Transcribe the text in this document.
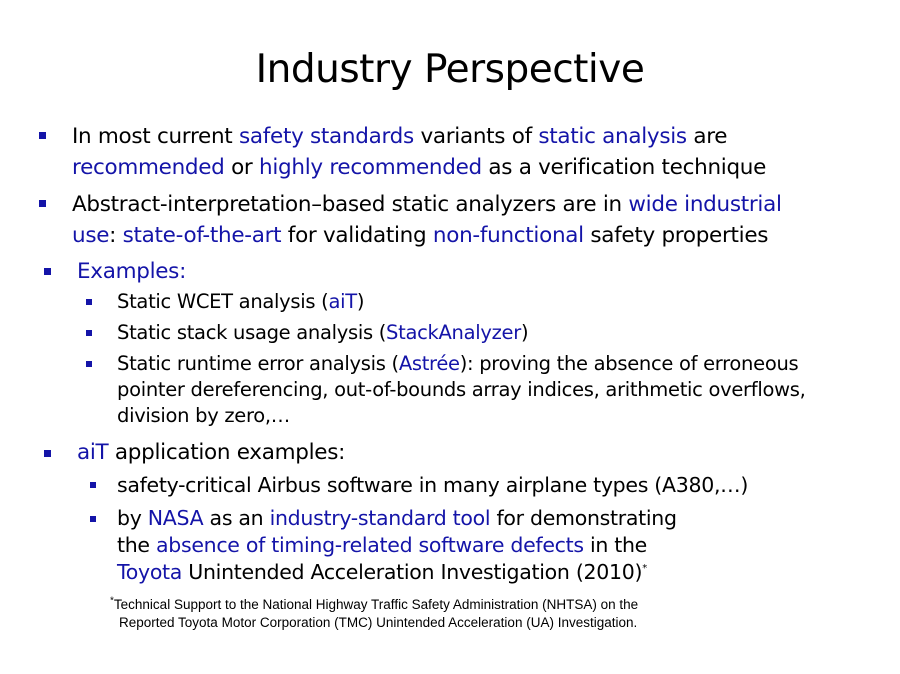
Industry Perspective
In most current safety standards variants of static analysis are
recommended or highly recommended as a verification technique
Abstract-interpretation–based static analyzers are in wide industrial
use: state-of-the-art for validating non-functional safety properties
Examples:
Static WCET analysis (aiT)
Static stack usage analysis (StackAnalyzer)
Static runtime error analysis (Astrée): proving the absence of erroneous
pointer dereferencing, out-of-bounds array indices, arithmetic overflows,
division by zero,…
aiT application examples:
safety-critical Airbus software in many airplane types (A380,…)
by NASA as an industry-standard tool for demonstrating
the absence of timing-related software defects in the
Toyota Unintended Acceleration Investigation (2010)*
*Technical Support to the National Highway Traffic Safety Administration (NHTSA) on the
Reported Toyota Motor Corporation (TMC) Unintended Acceleration (UA) Investigation.
